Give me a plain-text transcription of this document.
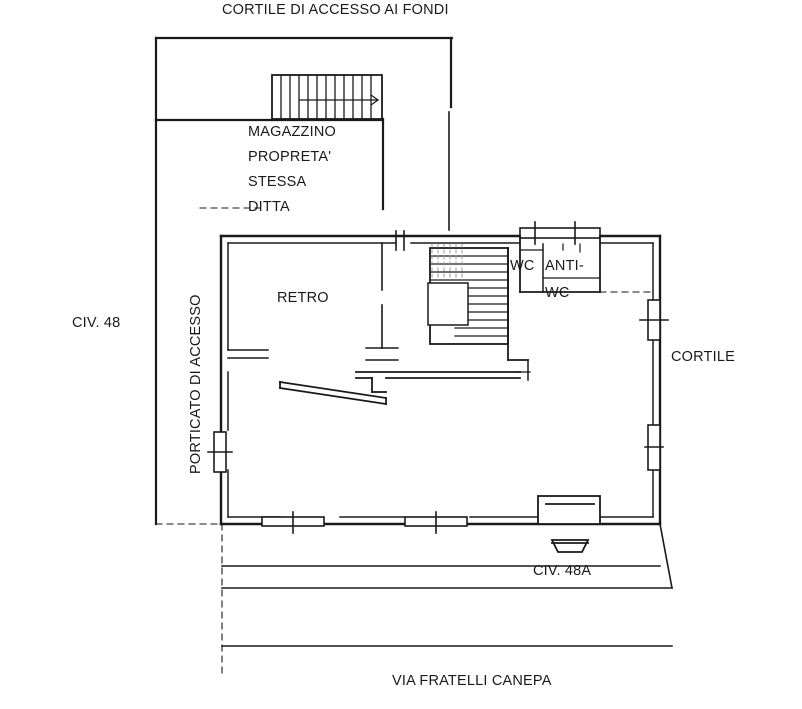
CORTILE DI ACCESSO AI FONDI
MAGAZZINO
PROPRETA'
STESSA
DITTA
CIV. 48	PORTICATO DI ACCESSO	RETRO
WC ANTI-
WC
CORTILE
CIV. 48A
VIA FRATELLI CANEPA
